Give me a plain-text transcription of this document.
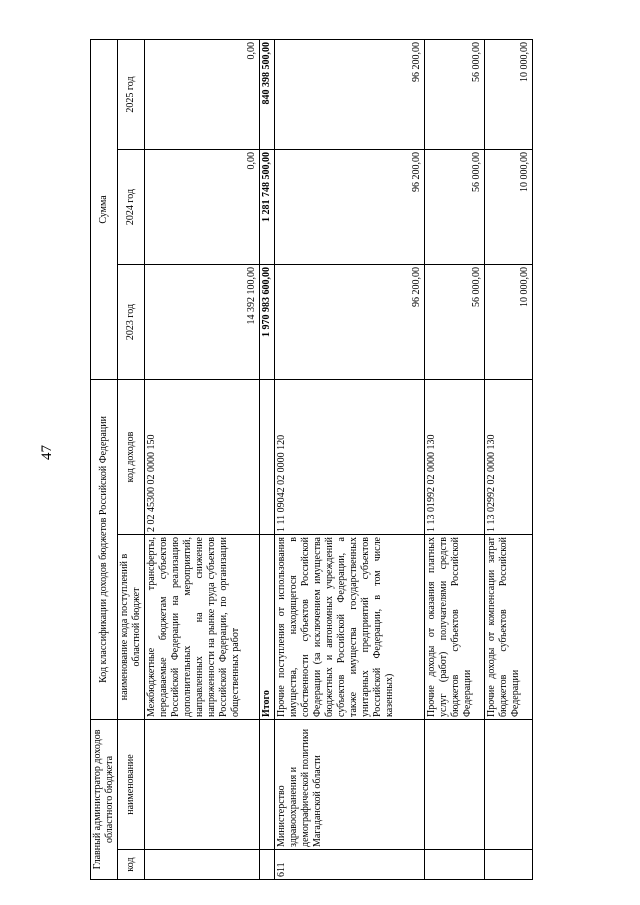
47
Главный администратор доходов областного бюджета		Код классификации доходов бюджетов Российской Федерации		Сумма		
код	наименование	наименование кода поступлений в областной бюджет	код доходов	2023 год	2024 год	2025 год
		Межбюджетные трансферты, передаваемые бюджетам субъектов Российской Федерации на реализацию дополнительных мероприятий, направленных на снижение напряженности на рынке труда субъектов Российской Федерации, по организации общественных работ	2 02 45300 02 0000 150	14 392 100,00	0,00	0,00
		Итого		1 970 983 600,00	1 281 748 500,00	840 398 500,00
611	Министерство здравоохранения и демографической политики Магаданской области	Прочие поступления от использования имущества, находящегося в собственности субъектов Российской Федерации (за исключением имущества бюджетных и автономных учреждений субъектов Российской Федерации, а также имущества государственных унитарных предприятий субъектов Российской Федерации, в том числе казенных)	1 11 09042 02 0000 120	96 200,00	96 200,00	96 200,00
		Прочие доходы от оказания платных услуг (работ) получателями средств бюджетов субъектов Российской Федерации	1 13 01992 02 0000 130	56 000,00	56 000,00	56 000,00
		Прочие доходы от компенсации затрат бюджетов субъектов Российской Федерации	1 13 02992 02 0000 130	10 000,00	10 000,00	10 000,00
